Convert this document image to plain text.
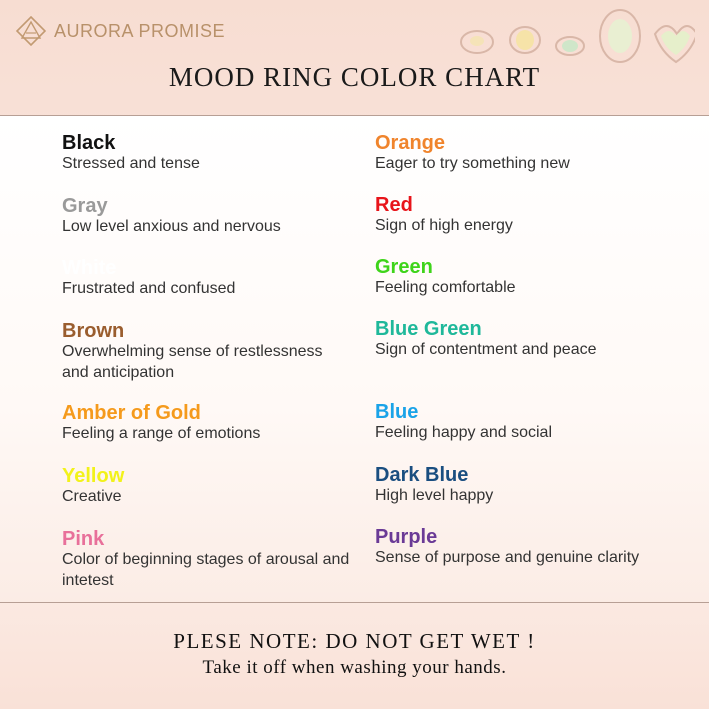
AURORA PROMISE
MOOD RING COLOR CHART
Black
Stressed and tense
Gray
Low level anxious and nervous
White
Frustrated and confused
Brown
Overwhelming sense of restlessness and anticipation
Amber of Gold
Feeling a range of emotions
Yellow
Creative
Pink
Color of beginning stages of arousal and intetest
Orange
Eager to try something new
Red
Sign of high energy
Green
Feeling comfortable
Blue Green
Sign of contentment and peace
Blue
Feeling happy and social
Dark Blue
High level happy
Purple
Sense of purpose and genuine clarity
PLESE NOTE: DO NOT GET WET !
Take it off when washing your hands.
